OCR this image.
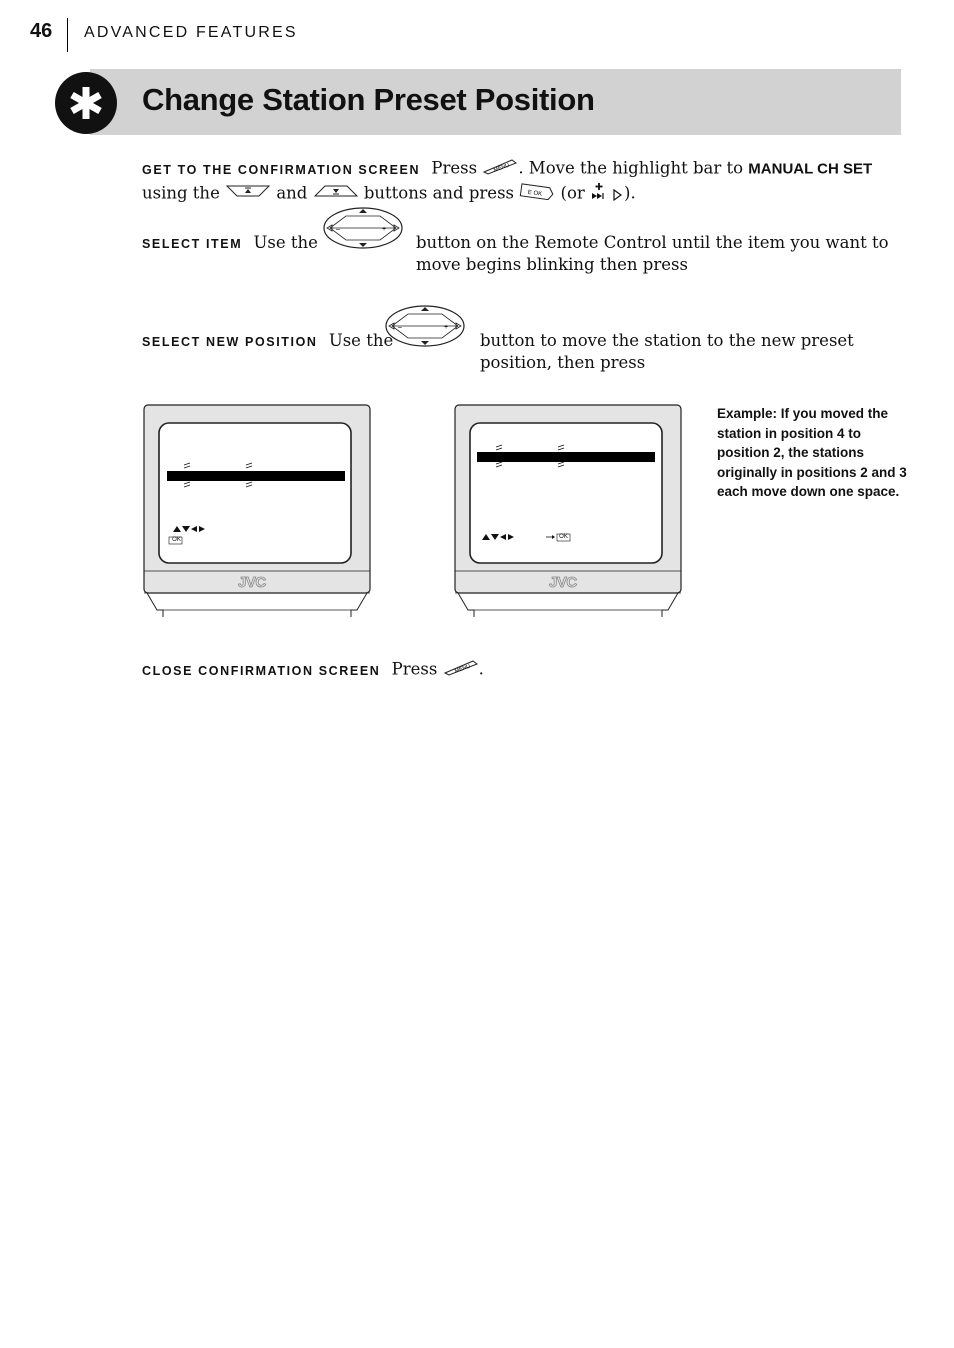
46 ADVANCED FEATURES
Change Station Preset Position
GET TO THE CONFIRMATION SCREEN Press	MENU . Move the highlight bar to MANUAL CH SET
using the	and	buttons and press E OK (or ).
SELECT ITEM Use the
–	+
button on the Remote Control until the item you want to move begins blinking then press
SELECT NEW POSITION Use the
–	+
button to move the station to the new preset position, then press
JVC
OK
JVC
OK
Example: If you moved the station in position 4 to position 2, the stations originally in positions 2 and 3 each move down one space.
CLOSE CONFIRMATION SCREEN Press	MENU .
